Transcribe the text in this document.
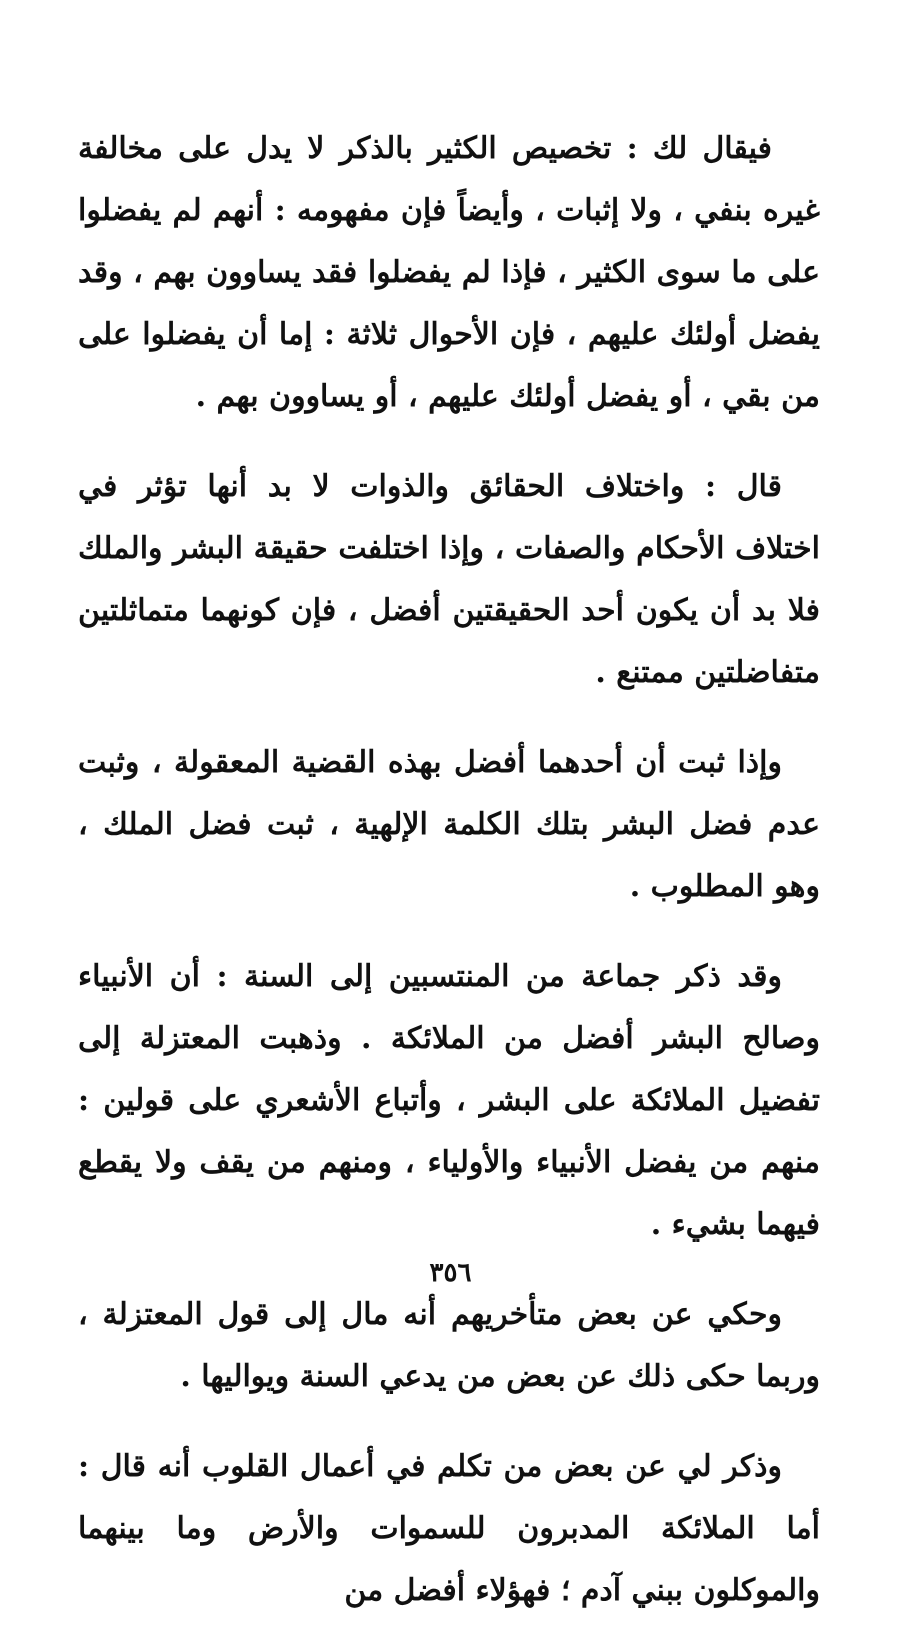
فيقال لك : تخصيص الكثير بالذكر لا يدل على مخالفة غيره بنفي ، ولا إثبات ، وأيضاً فإن مفهومه : أنهم لم يفضلوا على ما سوى الكثير ، فإذا لم يفضلوا فقد يساوون بهم ، وقد يفضل أولئك عليهم ، فإن الأحوال ثلاثة : إما أن يفضلوا على من بقي ، أو يفضل أولئك عليهم ، أو يساوون بهم .

قال : واختلاف الحقائق والذوات لا بد أنها تؤثر في اختلاف الأحكام والصفات ، وإذا اختلفت حقيقة البشر والملك فلا بد أن يكون أحد الحقيقتين أفضل ، فإن كونهما متماثلتين متفاضلتين ممتنع .

وإذا ثبت أن أحدهما أفضل بهذه القضية المعقولة ، وثبت عدم فضل البشر بتلك الكلمة الإلهية ، ثبت فضل الملك ، وهو المطلوب .

وقد ذكر جماعة من المنتسبين إلى السنة : أن الأنبياء وصالح البشر أفضل من الملائكة . وذهبت المعتزلة إلى تفضيل الملائكة على البشر ، وأتباع الأشعري على قولين : منهم من يفضل الأنبياء والأولياء ، ومنهم من يقف ولا يقطع فيهما بشيء .

وحكي عن بعض متأخريهم أنه مال إلى قول المعتزلة ، وربما حكى ذلك عن بعض من يدعي السنة ويواليها .

وذكر لي عن بعض من تكلم في أعمال القلوب أنه قال : أما الملائكة المدبرون للسموات والأرض وما بينهما والموكلون ببني آدم ؛ فهؤلاء أفضل من

٣٥٦
